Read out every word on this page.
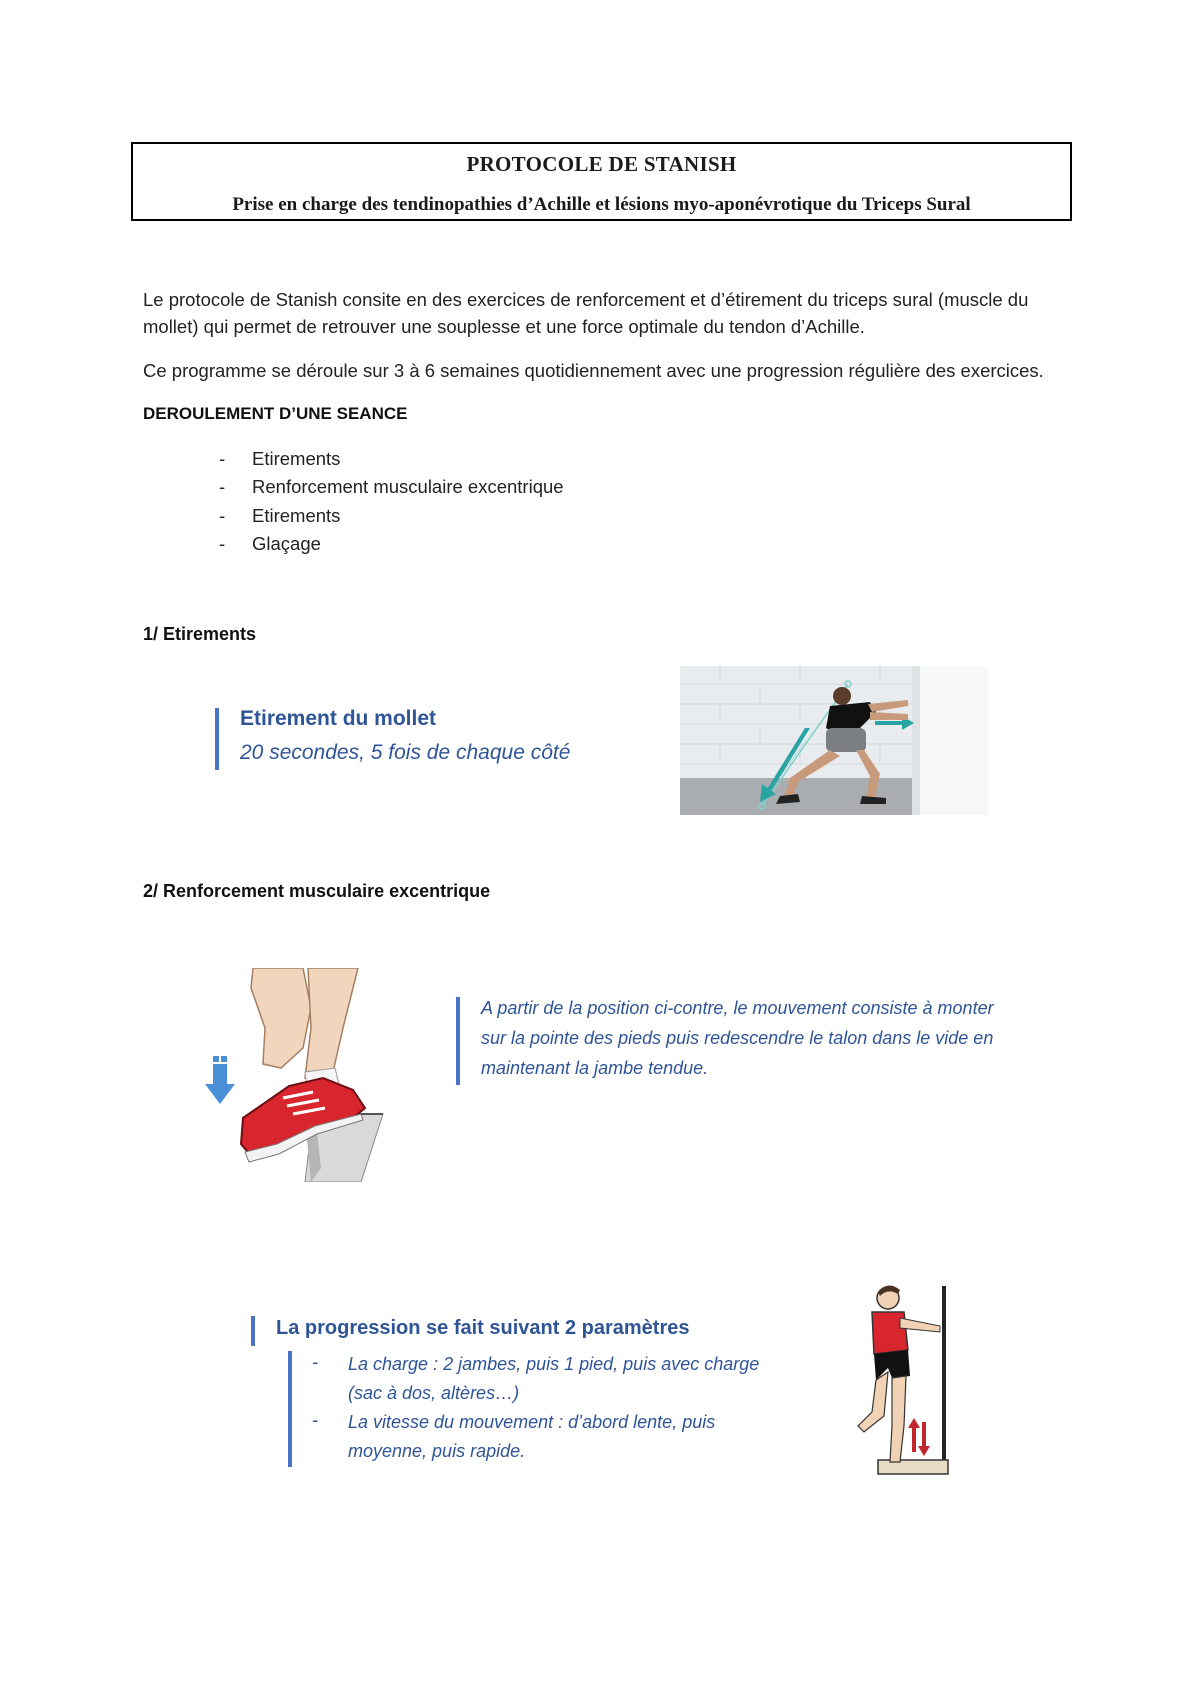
PROTOCOLE DE STANISH
Prise en charge des tendinopathies d’Achille et lésions myo-aponévrotique du Triceps Sural
Le protocole de Stanish consite en des exercices de renforcement et d’étirement du triceps sural (muscle du mollet) qui permet de retrouver une souplesse et une force optimale du tendon d’Achille.
Ce programme se déroule sur 3 à 6 semaines quotidiennement avec une progression régulière des exercices.
DEROULEMENT D’UNE SEANCE
- Etirements
- Renforcement musculaire excentrique
- Etirements
- Glaçage
1/ Etirements
Etirement du mollet
20 secondes, 5 fois de chaque côté
2/ Renforcement musculaire excentrique
A partir de la position ci-contre, le mouvement consiste à monter sur la pointe des pieds puis redescendre le talon dans le vide en maintenant la jambe tendue.
La progression se fait suivant 2 paramètres
- La charge : 2 jambes, puis 1 pied, puis avec charge (sac à dos, altères…)
- La vitesse du mouvement : d’abord lente, puis moyenne, puis rapide.
